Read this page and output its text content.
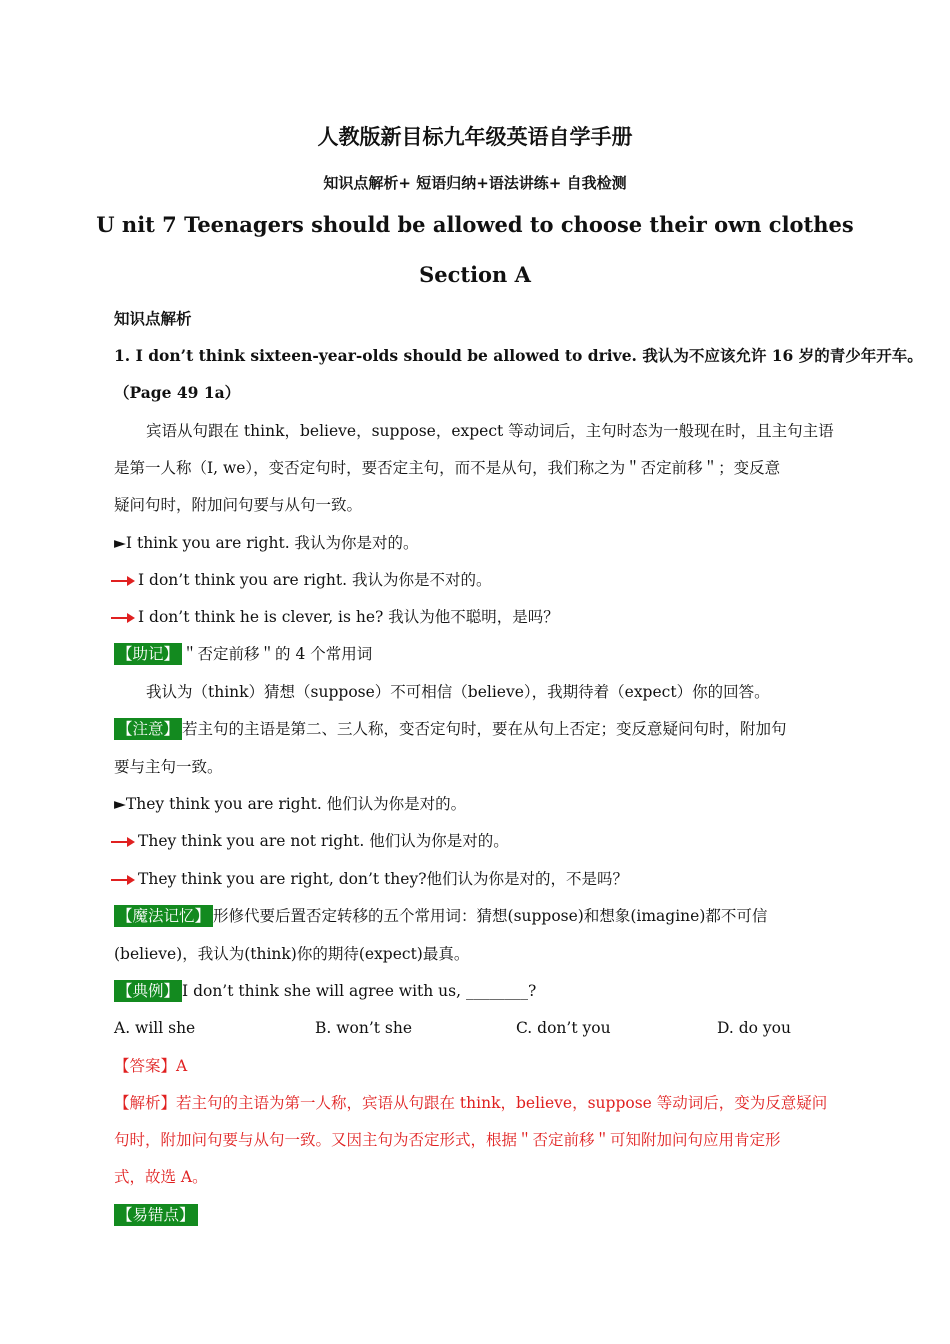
人教版新目标九年级英语自学手册
知识点解析+ 短语归纳+语法讲练+ 自我检测
U nit 7 Teenagers should be allowed to choose their own clothes
Section A
知识点解析
1. I don’t think sixteen-year-olds should be allowed to drive. 我认为不应该允许 16 岁的青少年开车。
（Page 49 1a）
宾语从句跟在 think，believe，suppose，expect 等动词后，主句时态为一般现在时，且主句主语
是第一人称（I, we），变否定句时，要否定主句，而不是从句，我们称之为＂否定前移＂；变反意
疑问句时，附加问句要与从句一致。
►I think you are right. 我认为你是对的。
I don’t think you are right. 我认为你是不对的。
I don’t think he is clever, is he? 我认为他不聪明，是吗？
【助记】 ＂否定前移＂的 4 个常用词
我认为（think）猜想（suppose）不可相信（believe），我期待着（expect）你的回答。
【注意】 若主句的主语是第二、三人称，变否定句时，要在从句上否定；变反意疑问句时，附加句
要与主句一致。
►They think you are right. 他们认为你是对的。
They think you are not right. 他们认为你是对的。
They think you are right, don’t they?他们认为你是对的，不是吗？
【魔法记忆】 形修代要后置否定转移的五个常用词：猜想(suppose)和想象(imagine)都不可信
(believe)，我认为(think)你的期待(expect)最真。
【典例】 I don’t think she will agree with us, ________?
A. will she	B. won’t she	C. don’t you	D. do you
【答案】A
【解析】若主句的主语为第一人称，宾语从句跟在 think，believe，suppose 等动词后，变为反意疑问
句时，附加问句要与从句一致。又因主句为否定形式，根据＂否定前移＂可知附加问句应用肯定形
式，故选 A。
【易错点】
